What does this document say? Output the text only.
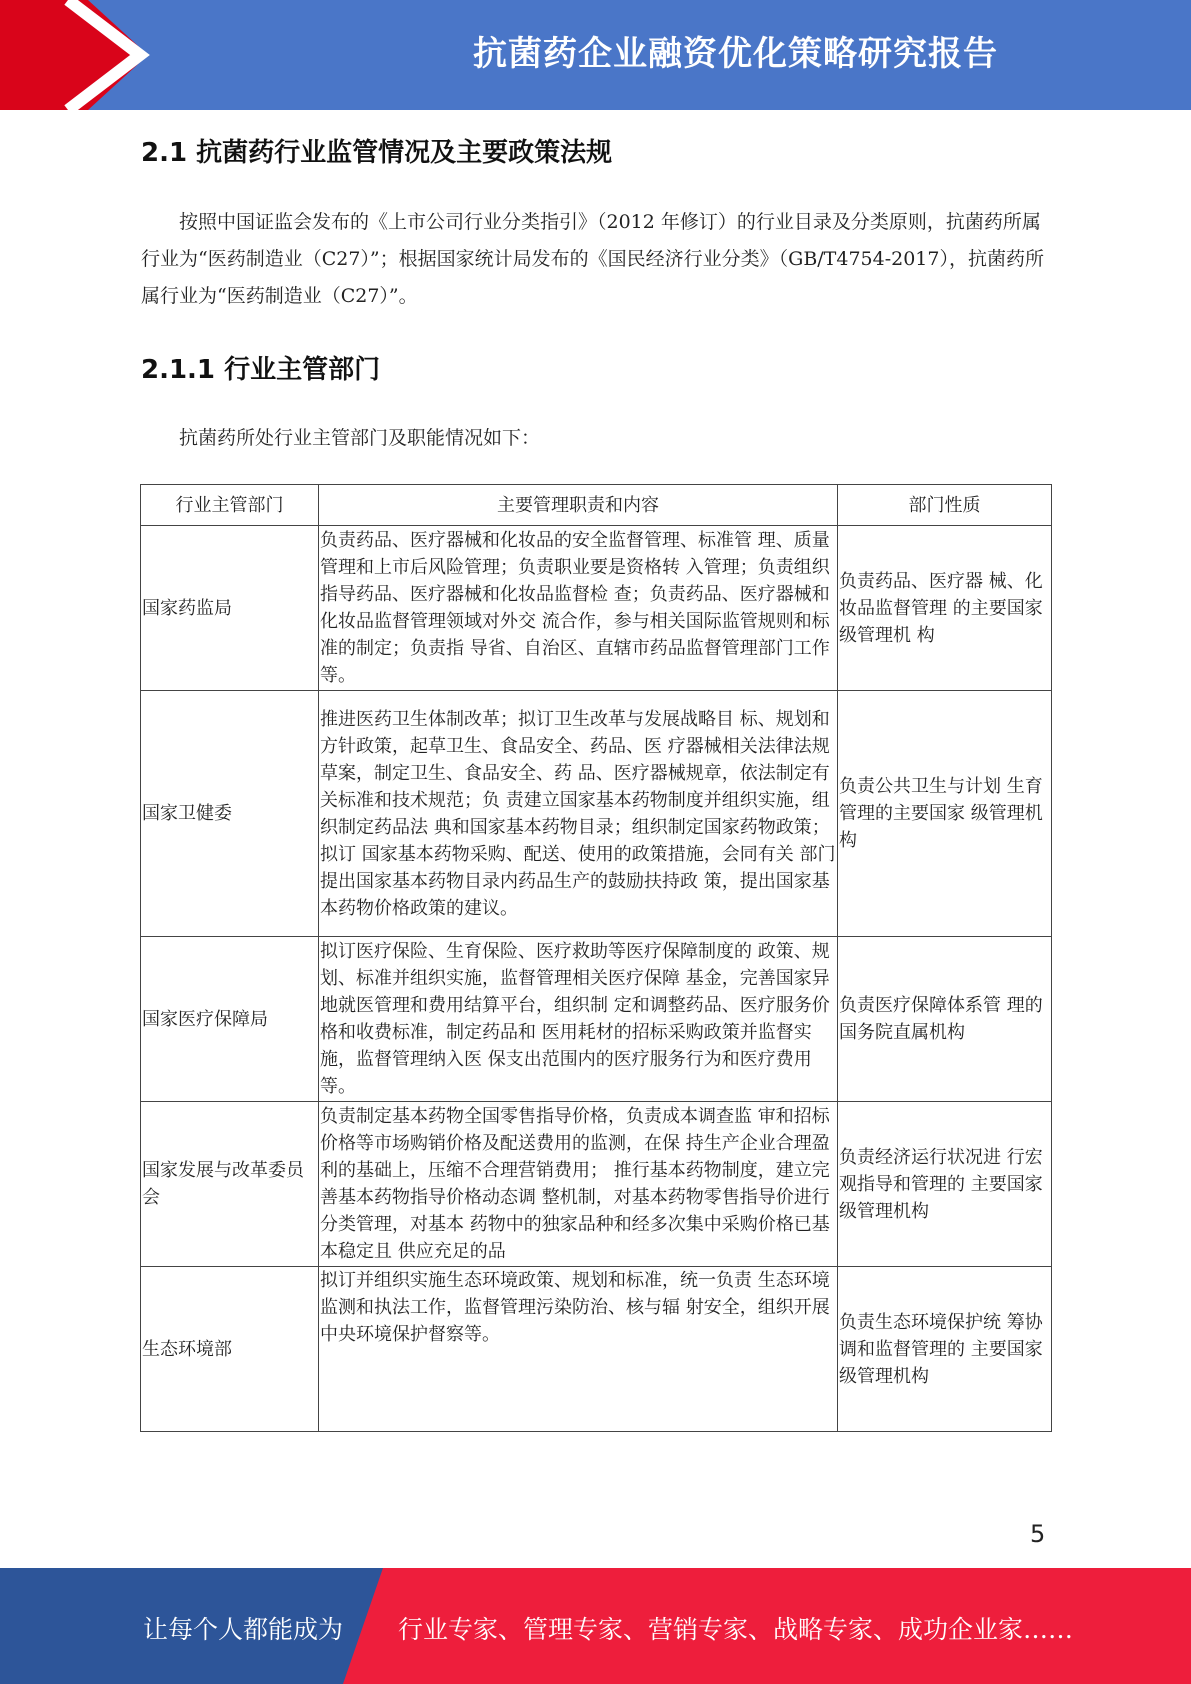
抗菌药企业融资优化策略研究报告
2.1 抗菌药行业监管情况及主要政策法规

按照中国证监会发布的《上市公司行业分类指引》（2012 年修订）的行业目录及分类原则，抗菌药所属行业为“医药制造业（C27）”；根据国家统计局发布的《国民经济行业分类》（GB/T4754-2017），抗菌药所属行业为“医药制造业（C27）”。

2.1.1 行业主管部门

抗菌药所处行业主管部门及职能情况如下：

行业主管部门	主要管理职责和内容	部门性质
国家药监局	负责药品、医疗器械和化妆品的安全监督管理、标准管 理、质量管理和上市后风险管理；负责职业要是资格转 入管理；负责组织指导药品、医疗器械和化妆品监督检 查；负责药品、医疗器械和化妆品监督管理领域对外交 流合作，参与相关国际监管规则和标准的制定；负责指 导省、自治区、直辖市药品监督管理部门工作等。	负责药品、医疗器 械、化妆品监督管理 的主要国家级管理机 构
国家卫健委	推进医药卫生体制改革；拟订卫生改革与发展战略目 标、规划和方针政策，起草卫生、食品安全、药品、医 疗器械相关法律法规草案，制定卫生、食品安全、药 品、医疗器械规章，依法制定有关标准和技术规范；负 责建立国家基本药物制度并组织实施，组织制定药品法 典和国家基本药物目录；组织制定国家药物政策；拟订 国家基本药物采购、配送、使用的政策措施，会同有关 部门提出国家基本药物目录内药品生产的鼓励扶持政 策，提出国家基本药物价格政策的建议。	负责公共卫生与计划 生育管理的主要国家 级管理机构
国家医疗保障局	拟订医疗保险、生育保险、医疗救助等医疗保障制度的 政策、规划、标准并组织实施，监督管理相关医疗保障 基金，完善国家异地就医管理和费用结算平台，组织制 定和调整药品、医疗服务价格和收费标准，制定药品和 医用耗材的招标采购政策并监督实施，监督管理纳入医 保支出范围内的医疗服务行为和医疗费用等。	负责医疗保障体系管 理的国务院直属机构
国家发展与改革委员会	负责制定基本药物全国零售指导价格，负责成本调查监 审和招标价格等市场购销价格及配送费用的监测，在保 持生产企业合理盈利的基础上，压缩不合理营销费用； 推行基本药物制度，建立完善基本药物指导价格动态调 整机制，对基本药物零售指导价进行分类管理，对基本 药物中的独家品种和经多次集中采购价格已基本稳定且 供应充足的品	负责经济运行状况进 行宏观指导和管理的 主要国家级管理机构
生态环境部	拟订并组织实施生态环境政策、规划和标准，统一负责 生态环境监测和执法工作，监督管理污染防治、核与辐 射安全，组织开展中央环境保护督察等。	负责生态环境保护统 筹协调和监督管理的 主要国家级管理机构
5
让每个人都能成为 行业专家、管理专家、营销专家、战略专家、成功企业家……
